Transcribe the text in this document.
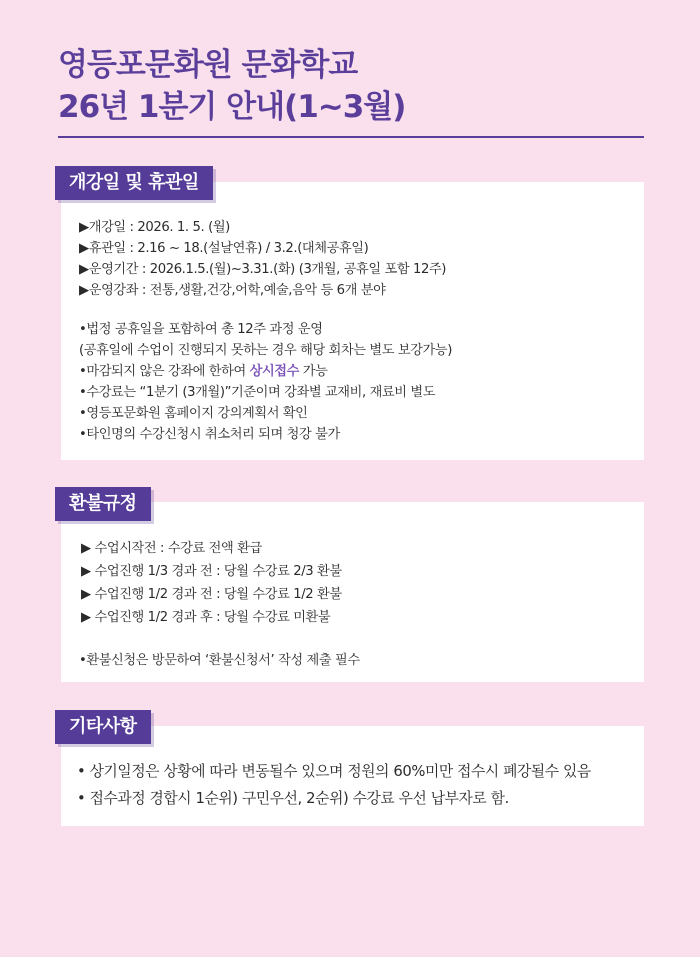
영등포문화원 문화학교
26년 1분기 안내(1~3월)
▶개강일 : 2026. 1. 5. (월)
▶휴관일 : 2.16 ~ 18.(설날연휴) / 3.2.(대체공휴일)
▶운영기간 : 2026.1.5.(월)~3.31.(화) (3개월, 공휴일 포함 12주)
▶운영강좌 : 전통,생활,건강,어학,예술,음악 등 6개 분야
•법정 공휴일을 포함하여 총 12주 과정 운영
(공휴일에 수업이 진행되지 못하는 경우 해당 회차는 별도 보강가능)
•마감되지 않은 강좌에 한하여 상시접수 가능
•수강료는 “1분기 (3개월)”기준이며 강좌별 교재비, 재료비 별도
•영등포문화원 홈페이지 강의계획서 확인
•타인명의 수강신청시 취소처리 되며 청강 불가
개강일 및 휴관일
▶ 수업시작전 : 수강료 전액 환급
▶ 수업진행 1/3 경과 전 : 당월 수강료 2/3 환불
▶ 수업진행 1/2 경과 전 : 당월 수강료 1/2 환불
▶ 수업진행 1/2 경과 후 : 당월 수강료 미환불
•환불신청은 방문하여 ‘환불신청서’ 작성 제출 필수
환불규정
• 상기일정은 상황에 따라 변동될수 있으며 정원의 60%미만 접수시 폐강될수 있음
• 접수과정 경합시 1순위) 구민우선, 2순위) 수강료 우선 납부자로 함.
기타사항
